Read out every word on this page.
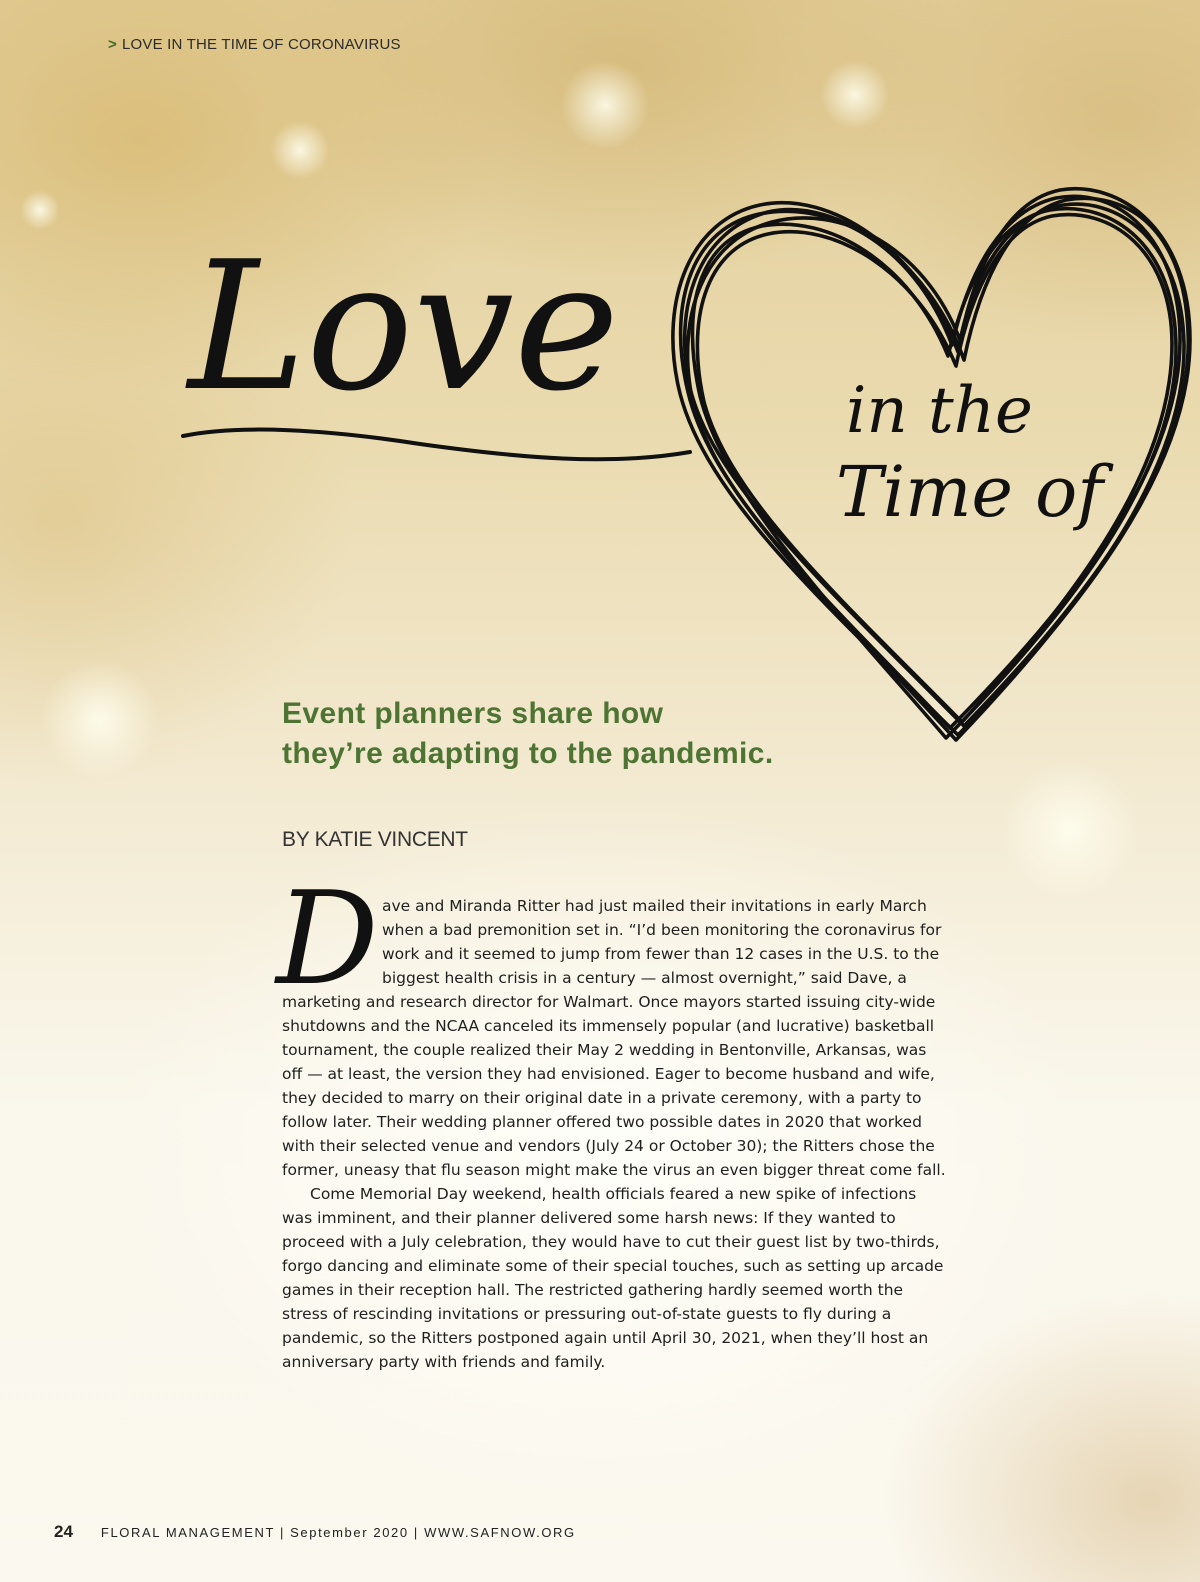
> LOVE IN THE TIME OF CORONAVIRUS
Love	in the
Time of
Event planners share how
they’re adapting to the pandemic.
BY KATIE VINCENT

Dave and Miranda Ritter had just mailed their invitations in early March when a bad premonition set in. “I’d been monitoring the coronavirus for work and it seemed to jump from fewer than 12 cases in the U.S. to the biggest health crisis in a century — almost overnight,” said Dave, a marketing and research director for Walmart. Once mayors started issuing city-wide shutdowns and the NCAA canceled its immensely popular (and lucrative) basketball tournament, the couple realized their May 2 wedding in Bentonville, Arkansas, was off — at least, the version they had envisioned. Eager to become husband and wife, they decided to marry on their original date in a private ceremony, with a party to follow later. Their wedding planner offered two possible dates in 2020 that worked with their selected venue and vendors (July 24 or October 30); the Ritters chose the former, uneasy that flu season might make the virus an even bigger threat come fall.

Come Memorial Day weekend, health officials feared a new spike of infections was imminent, and their planner delivered some harsh news: If they wanted to proceed with a July celebration, they would have to cut their guest list by two-thirds, forgo dancing and eliminate some of their special touches, such as setting up arcade games in their reception hall. The restricted gathering hardly seemed worth the stress of rescinding invitations or pressuring out-of-state guests to fly during a pandemic, so the Ritters postponed again until April 30, 2021, when they’ll host an anniversary party with friends and family.

24 FLORAL MANAGEMENT | September 2020 | WWW.SAFNOW.ORG
